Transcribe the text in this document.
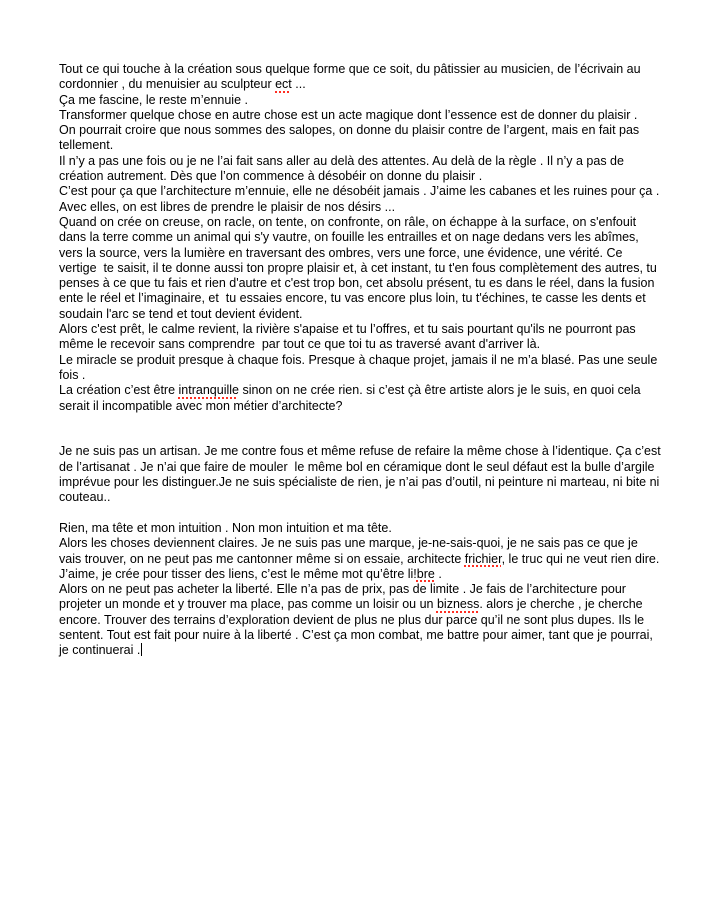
Tout ce qui touche à la création sous quelque forme que ce soit, du pâtissier au musicien, de l’écrivain au cordonnier , du menuisier au sculpteur ect ...

Ça me fascine, le reste m’ennuie .

Transformer quelque chose en autre chose est un acte magique dont l’essence est de donner du plaisir .

On pourrait croire que nous sommes des salopes, on donne du plaisir contre de l’argent, mais en fait pas tellement.

Il n’y a pas une fois ou je ne l’ai fait sans aller au delà des attentes. Au delà de la règle . Il n’y a pas de création autrement. Dès que l’on commence à désobéir on donne du plaisir .

C’est pour ça que l’architecture m’ennuie, elle ne désobéit jamais . J’aime les cabanes et les ruines pour ça . Avec elles, on est libres de prendre le plaisir de nos désirs ...

Quand on crée on creuse, on racle, on tente, on confronte, on râle, on échappe à la surface, on s'enfouit dans la terre comme un animal qui s'y vautre, on fouille les entrailles et on nage dedans vers les abîmes, vers la source, vers la lumière en traversant des ombres, vers une force, une évidence, une vérité. Ce vertige  te saisit, il te donne aussi ton propre plaisir et, à cet instant, tu t'en fous complètement des autres, tu penses à ce que tu fais et rien d'autre et c'est trop bon, cet absolu présent, tu es dans le réel, dans la fusion ente le réel et l’imaginaire, et  tu essaies encore, tu vas encore plus loin, tu t'échines, te casse les dents et soudain l'arc se tend et tout devient évident.

Alors c'est prêt, le calme revient, la rivière s'apaise et tu l’offres, et tu sais pourtant qu'ils ne pourront pas même le recevoir sans comprendre  par tout ce que toi tu as traversé avant d'arriver là.

Le miracle se produit presque à chaque fois. Presque à chaque projet, jamais il ne m’a blasé. Pas une seule fois .

La création c’est être intranquille sinon on ne crée rien. si c’est çà être artiste alors je le suis, en quoi cela serait il incompatible avec mon métier d’architecte?

Je ne suis pas un artisan. Je me contre fous et même refuse de refaire la même chose à l’identique. Ça c’est de l’artisanat . Je n’ai que faire de mouler  le même bol en céramique dont le seul défaut est la bulle d’argile imprévue pour les distinguer.Je ne suis spécialiste de rien, je n’ai pas d’outil, ni peinture ni marteau, ni bite ni couteau..

Rien, ma tête et mon intuition . Non mon intuition et ma tête.

Alors les choses deviennent claires. Je ne suis pas une marque, je-ne-sais-quoi, je ne sais pas ce que je vais trouver, on ne peut pas me cantonner même si on essaie, architecte frichier, le truc qui ne veut rien dire. J’aime, je crée pour tisser des liens, c’est le même mot qu’être li!bre .

Alors on ne peut pas acheter la liberté. Elle n’a pas de prix, pas de limite . Je fais de l’architecture pour projeter un monde et y trouver ma place, pas comme un loisir ou un bizness. alors je cherche , je cherche encore. Trouver des terrains d’exploration devient de plus ne plus dur parce qu’il ne sont plus dupes. Ils le sentent. Tout est fait pour nuire à la liberté . C’est ça mon combat, me battre pour aimer, tant que je pourrai, je continuerai .
